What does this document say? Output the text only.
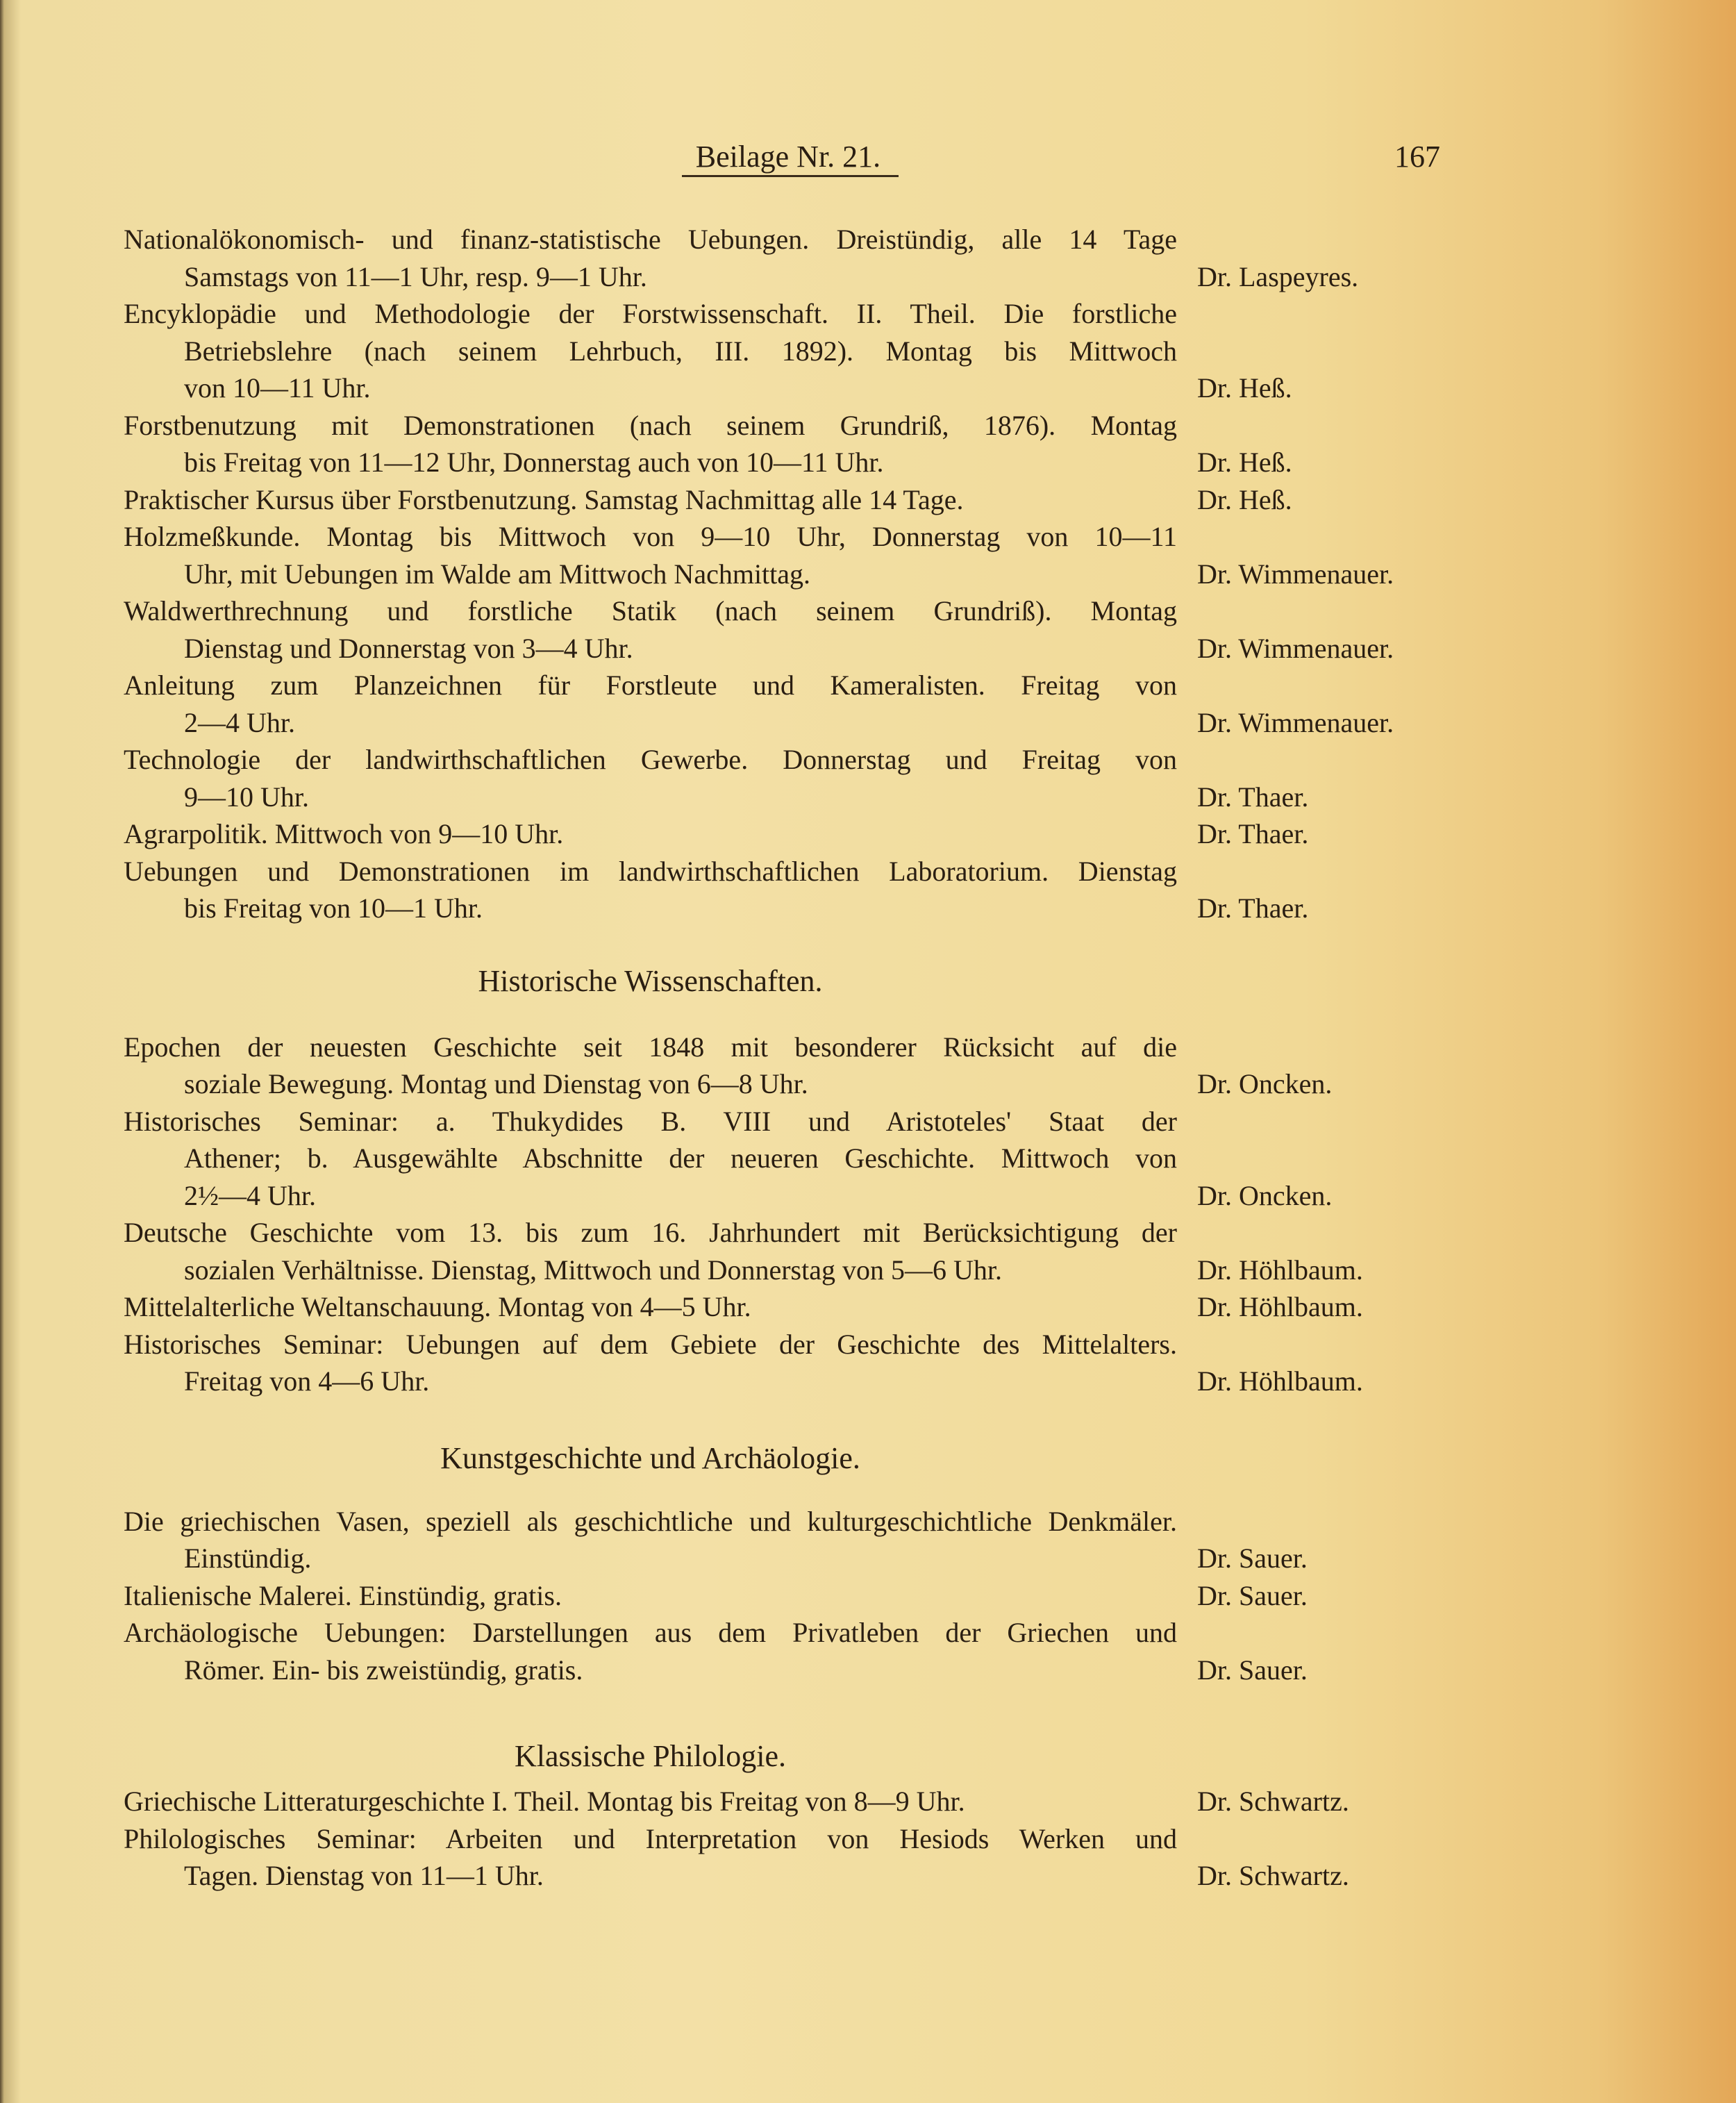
Beilage Nr. 21.	167
Nationalökonomisch- und finanz-statistische Uebungen. Dreistündig, alle 14 Tage
Samstags von 11—1 Uhr, resp. 9—1 Uhr.	Dr. Laspeyres.
Encyklopädie und Methodologie der Forstwissenschaft. II. Theil. Die forstliche
Betriebslehre (nach seinem Lehrbuch, III. 1892). Montag bis Mittwoch
von 10—11 Uhr.	Dr. Heß.
Forstbenutzung mit Demonstrationen (nach seinem Grundriß, 1876). Montag
bis Freitag von 11—12 Uhr, Donnerstag auch von 10—11 Uhr.	Dr. Heß.
Praktischer Kursus über Forstbenutzung. Samstag Nachmittag alle 14 Tage.	Dr. Heß.
Holzmeßkunde. Montag bis Mittwoch von 9—10 Uhr, Donnerstag von 10—11
Uhr, mit Uebungen im Walde am Mittwoch Nachmittag.	Dr. Wimmenauer.
Waldwerthrechnung und forstliche Statik (nach seinem Grundriß). Montag
Dienstag und Donnerstag von 3—4 Uhr.	Dr. Wimmenauer.
Anleitung zum Planzeichnen für Forstleute und Kameralisten. Freitag von
2—4 Uhr.	Dr. Wimmenauer.
Technologie der landwirthschaftlichen Gewerbe. Donnerstag und Freitag von
9—10 Uhr.	Dr. Thaer.
Agrarpolitik. Mittwoch von 9—10 Uhr.	Dr. Thaer.
Uebungen und Demonstrationen im landwirthschaftlichen Laboratorium. Dienstag
bis Freitag von 10—1 Uhr.	Dr. Thaer.
Historische Wissenschaften.
Epochen der neuesten Geschichte seit 1848 mit besonderer Rücksicht auf die
soziale Bewegung. Montag und Dienstag von 6—8 Uhr.	Dr. Oncken.
Historisches Seminar: a. Thukydides B. VIII und Aristoteles' Staat der
Athener; b. Ausgewählte Abschnitte der neueren Geschichte. Mittwoch von
2½—4 Uhr.	Dr. Oncken.
Deutsche Geschichte vom 13. bis zum 16. Jahrhundert mit Berücksichtigung der
sozialen Verhältnisse. Dienstag, Mittwoch und Donnerstag von 5—6 Uhr.	Dr. Höhlbaum.
Mittelalterliche Weltanschauung. Montag von 4—5 Uhr.	Dr. Höhlbaum.
Historisches Seminar: Uebungen auf dem Gebiete der Geschichte des Mittelalters.
Freitag von 4—6 Uhr.	Dr. Höhlbaum.
Kunstgeschichte und Archäologie.
Die griechischen Vasen, speziell als geschichtliche und kulturgeschichtliche Denkmäler.
Einstündig.	Dr. Sauer.
Italienische Malerei. Einstündig, gratis.	Dr. Sauer.
Archäologische Uebungen: Darstellungen aus dem Privatleben der Griechen und
Römer. Ein- bis zweistündig, gratis.	Dr. Sauer.
Klassische Philologie.
Griechische Litteraturgeschichte I. Theil. Montag bis Freitag von 8—9 Uhr.	Dr. Schwartz.
Philologisches Seminar: Arbeiten und Interpretation von Hesiods Werken und
Tagen. Dienstag von 11—1 Uhr.	Dr. Schwartz.
